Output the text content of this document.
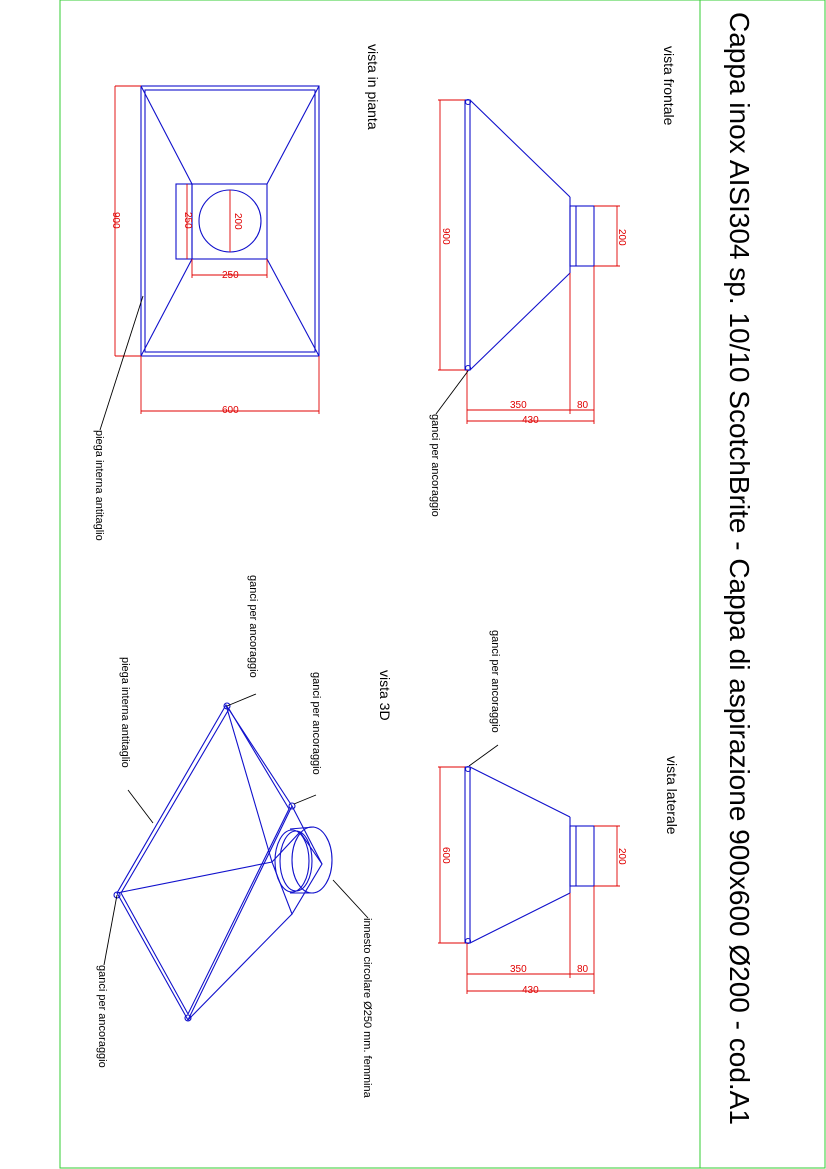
Cappa inox AISI304 sp. 10/10 ScotchBrite - Cappa di aspirazione 900x600 Ø200 - cod.A1
vista in pianta
900	250	200
250
600
piega interna antitaglio
vista frontale
900	200
350	80
430
ganci per ancoraggio
vista laterale
600	200
350	80
430
ganci per ancoraggio
vista 3D
ganci per ancoraggio
ganci per ancoraggio
piega interna antitaglio
ganci per ancoraggio	innesto circolare Ø250 mm. femmina
